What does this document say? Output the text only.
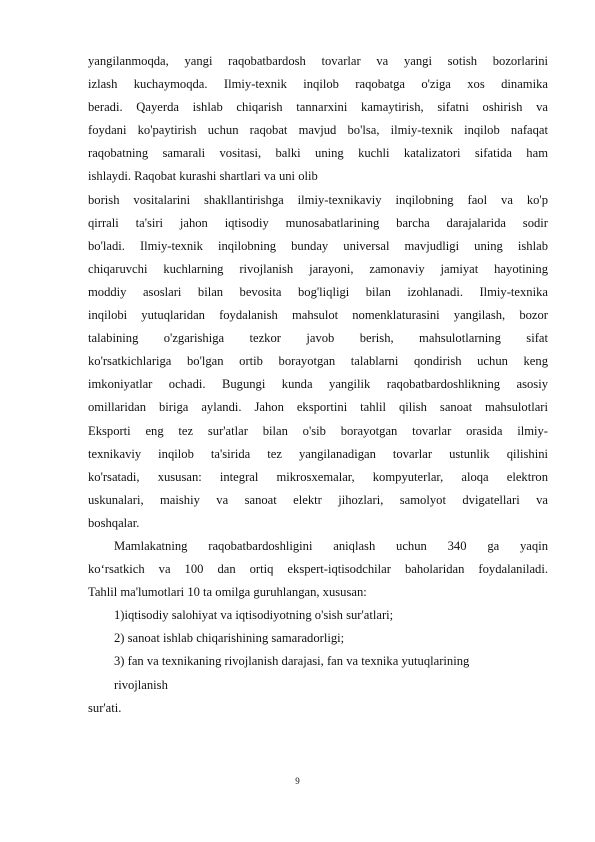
yangilanmoqda, yangi raqobatbardosh tovarlar va yangi sotish bozorlarini
izlash kuchaymoqda. Ilmiy-texnik inqilob raqobatga o'ziga xos dinamika
beradi. Qayerda ishlab chiqarish tannarxini kamaytirish, sifatni oshirish va
foydani ko'paytirish uchun raqobat mavjud bo'lsa, ilmiy-texnik inqilob nafaqat
raqobatning samarali vositasi, balki uning kuchli katalizatori sifatida ham
ishlaydi. Raqobat kurashi shartlari va uni olib
borish vositalarini shakllantirishga ilmiy-texnikaviy inqilobning faol va ko'p
qirrali ta'siri jahon iqtisodiy munosabatlarining barcha darajalarida sodir
bo'ladi. Ilmiy-texnik inqilobning bunday universal mavjudligi uning ishlab
chiqaruvchi kuchlarning rivojlanish jarayoni, zamonaviy jamiyat hayotining
moddiy asoslari bilan bevosita bog'liqligi bilan izohlanadi. Ilmiy-texnika
inqilobi yutuqlaridan foydalanish mahsulot nomenklaturasini yangilash, bozor
talabining o'zgarishiga tezkor javob berish, mahsulotlarning sifat
ko'rsatkichlariga bo'lgan ortib borayotgan talablarni qondirish uchun keng
imkoniyatlar ochadi. Bugungi kunda yangilik raqobatbardoshlikning asosiy
omillaridan biriga aylandi. Jahon eksportini tahlil qilish sanoat mahsulotlari
Eksporti eng tez sur'atlar bilan o'sib borayotgan tovarlar orasida ilmiy-
texnikaviy inqilob ta'sirida tez yangilanadigan tovarlar ustunlik qilishini
ko'rsatadi, xususan: integral mikrosxemalar, kompyuterlar, aloqa elektron
uskunalari, maishiy va sanoat elektr jihozlari, samolyot dvigatellari va
boshqalar.
Mamlakatning raqobatbardoshligini aniqlash uchun 340 ga yaqin
ko‘rsatkich va 100 dan ortiq ekspert-iqtisodchilar baholaridan foydalaniladi.
Tahlil ma'lumotlari 10 ta omilga guruhlangan, xususan:
1)iqtisodiy salohiyat va iqtisodiyotning o'sish sur'atlari;
2) sanoat ishlab chiqarishining samaradorligi;
3) fan va texnikaning rivojlanish darajasi, fan va texnika yutuqlarining
rivojlanish
sur'ati.
9
